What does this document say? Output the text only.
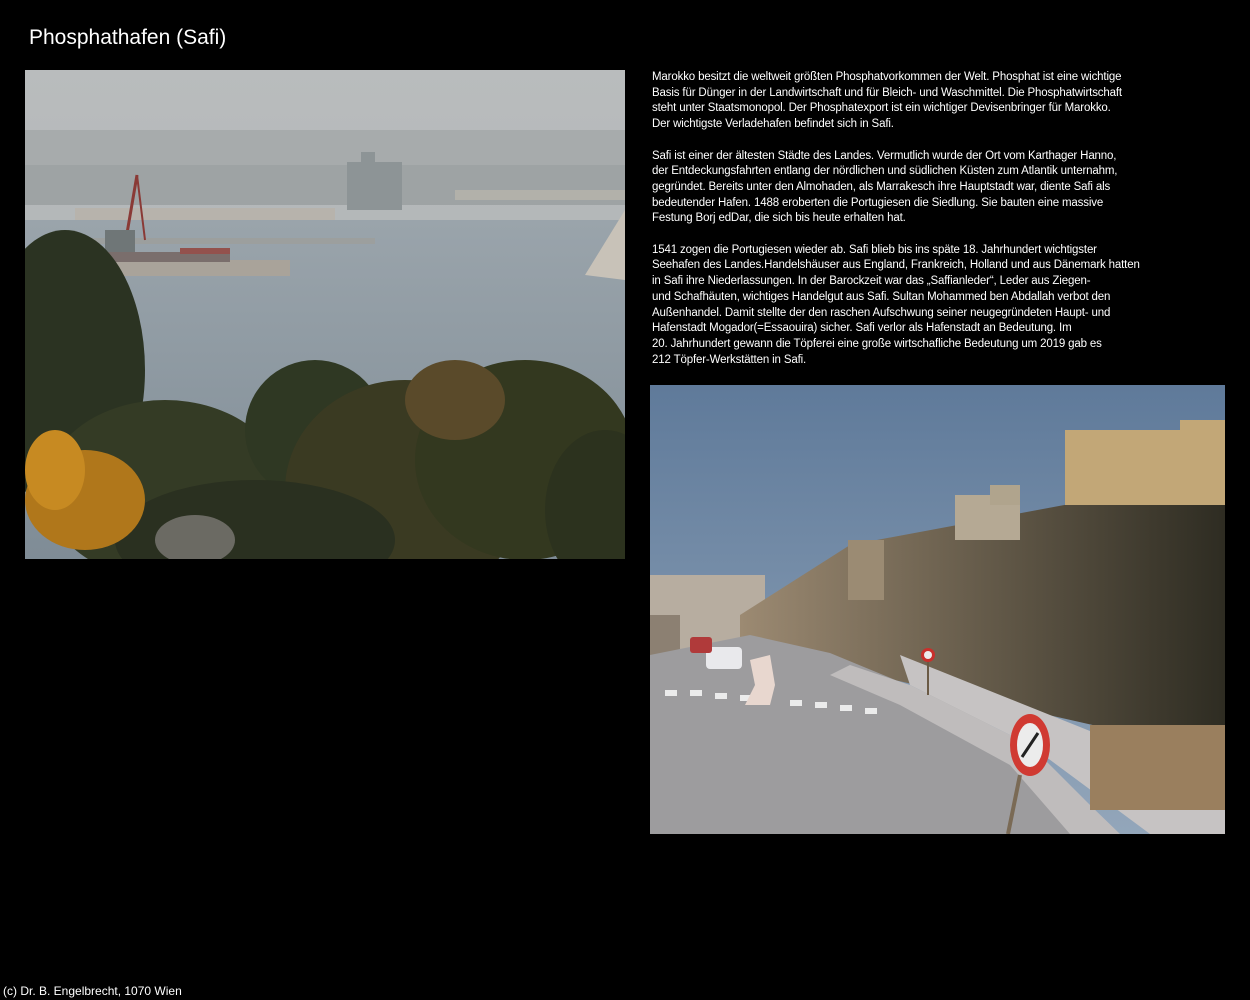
Phosphathafen (Safi)

Marokko besitzt die weltweit größten Phosphatvorkommen der Welt. Phosphat ist eine wichtige
Basis für Dünger in der Landwirtschaft und für Bleich- und Waschmittel. Die Phosphatwirtschaft
steht unter Staatsmonopol. Der Phosphatexport ist ein wichtiger Devisenbringer für Marokko.
Der wichtigste Verladehafen befindet sich in Safi.

Safi ist einer der ältesten Städte des Landes. Vermutlich wurde der Ort vom Karthager Hanno,
der Entdeckungsfahrten entlang der nördlichen und südlichen Küsten zum Atlantik unternahm,
gegründet. Bereits unter den Almohaden, als Marrakesch ihre Hauptstadt war, diente Safi als
bedeutender Hafen. 1488 eroberten die Portugiesen die Siedlung. Sie bauten eine massive
Festung Borj edDar, die sich bis heute erhalten hat.

1541 zogen die Portugiesen wieder ab. Safi blieb bis ins späte 18. Jahrhundert wichtigster
Seehafen des Landes.Handelshäuser aus England, Frankreich, Holland und aus Dänemark hatten
in Safi ihre Niederlassungen. In der Barockzeit war das „Saffianleder“, Leder aus Ziegen-
und Schafhäuten, wichtiges Handelgut aus Safi. Sultan Mohammed ben Abdallah verbot den
Außenhandel. Damit stellte der den raschen Aufschwung seiner neugegründeten Haupt- und
Hafenstadt Mogador(=Essaouira) sicher. Safi verlor als Hafenstadt an Bedeutung. Im
20. Jahrhundert gewann die Töpferei eine große wirtschafliche Bedeutung um 2019 gab es
212 Töpfer-Werkstätten in Safi.

(c) Dr. B. Engelbrecht, 1070 Wien
